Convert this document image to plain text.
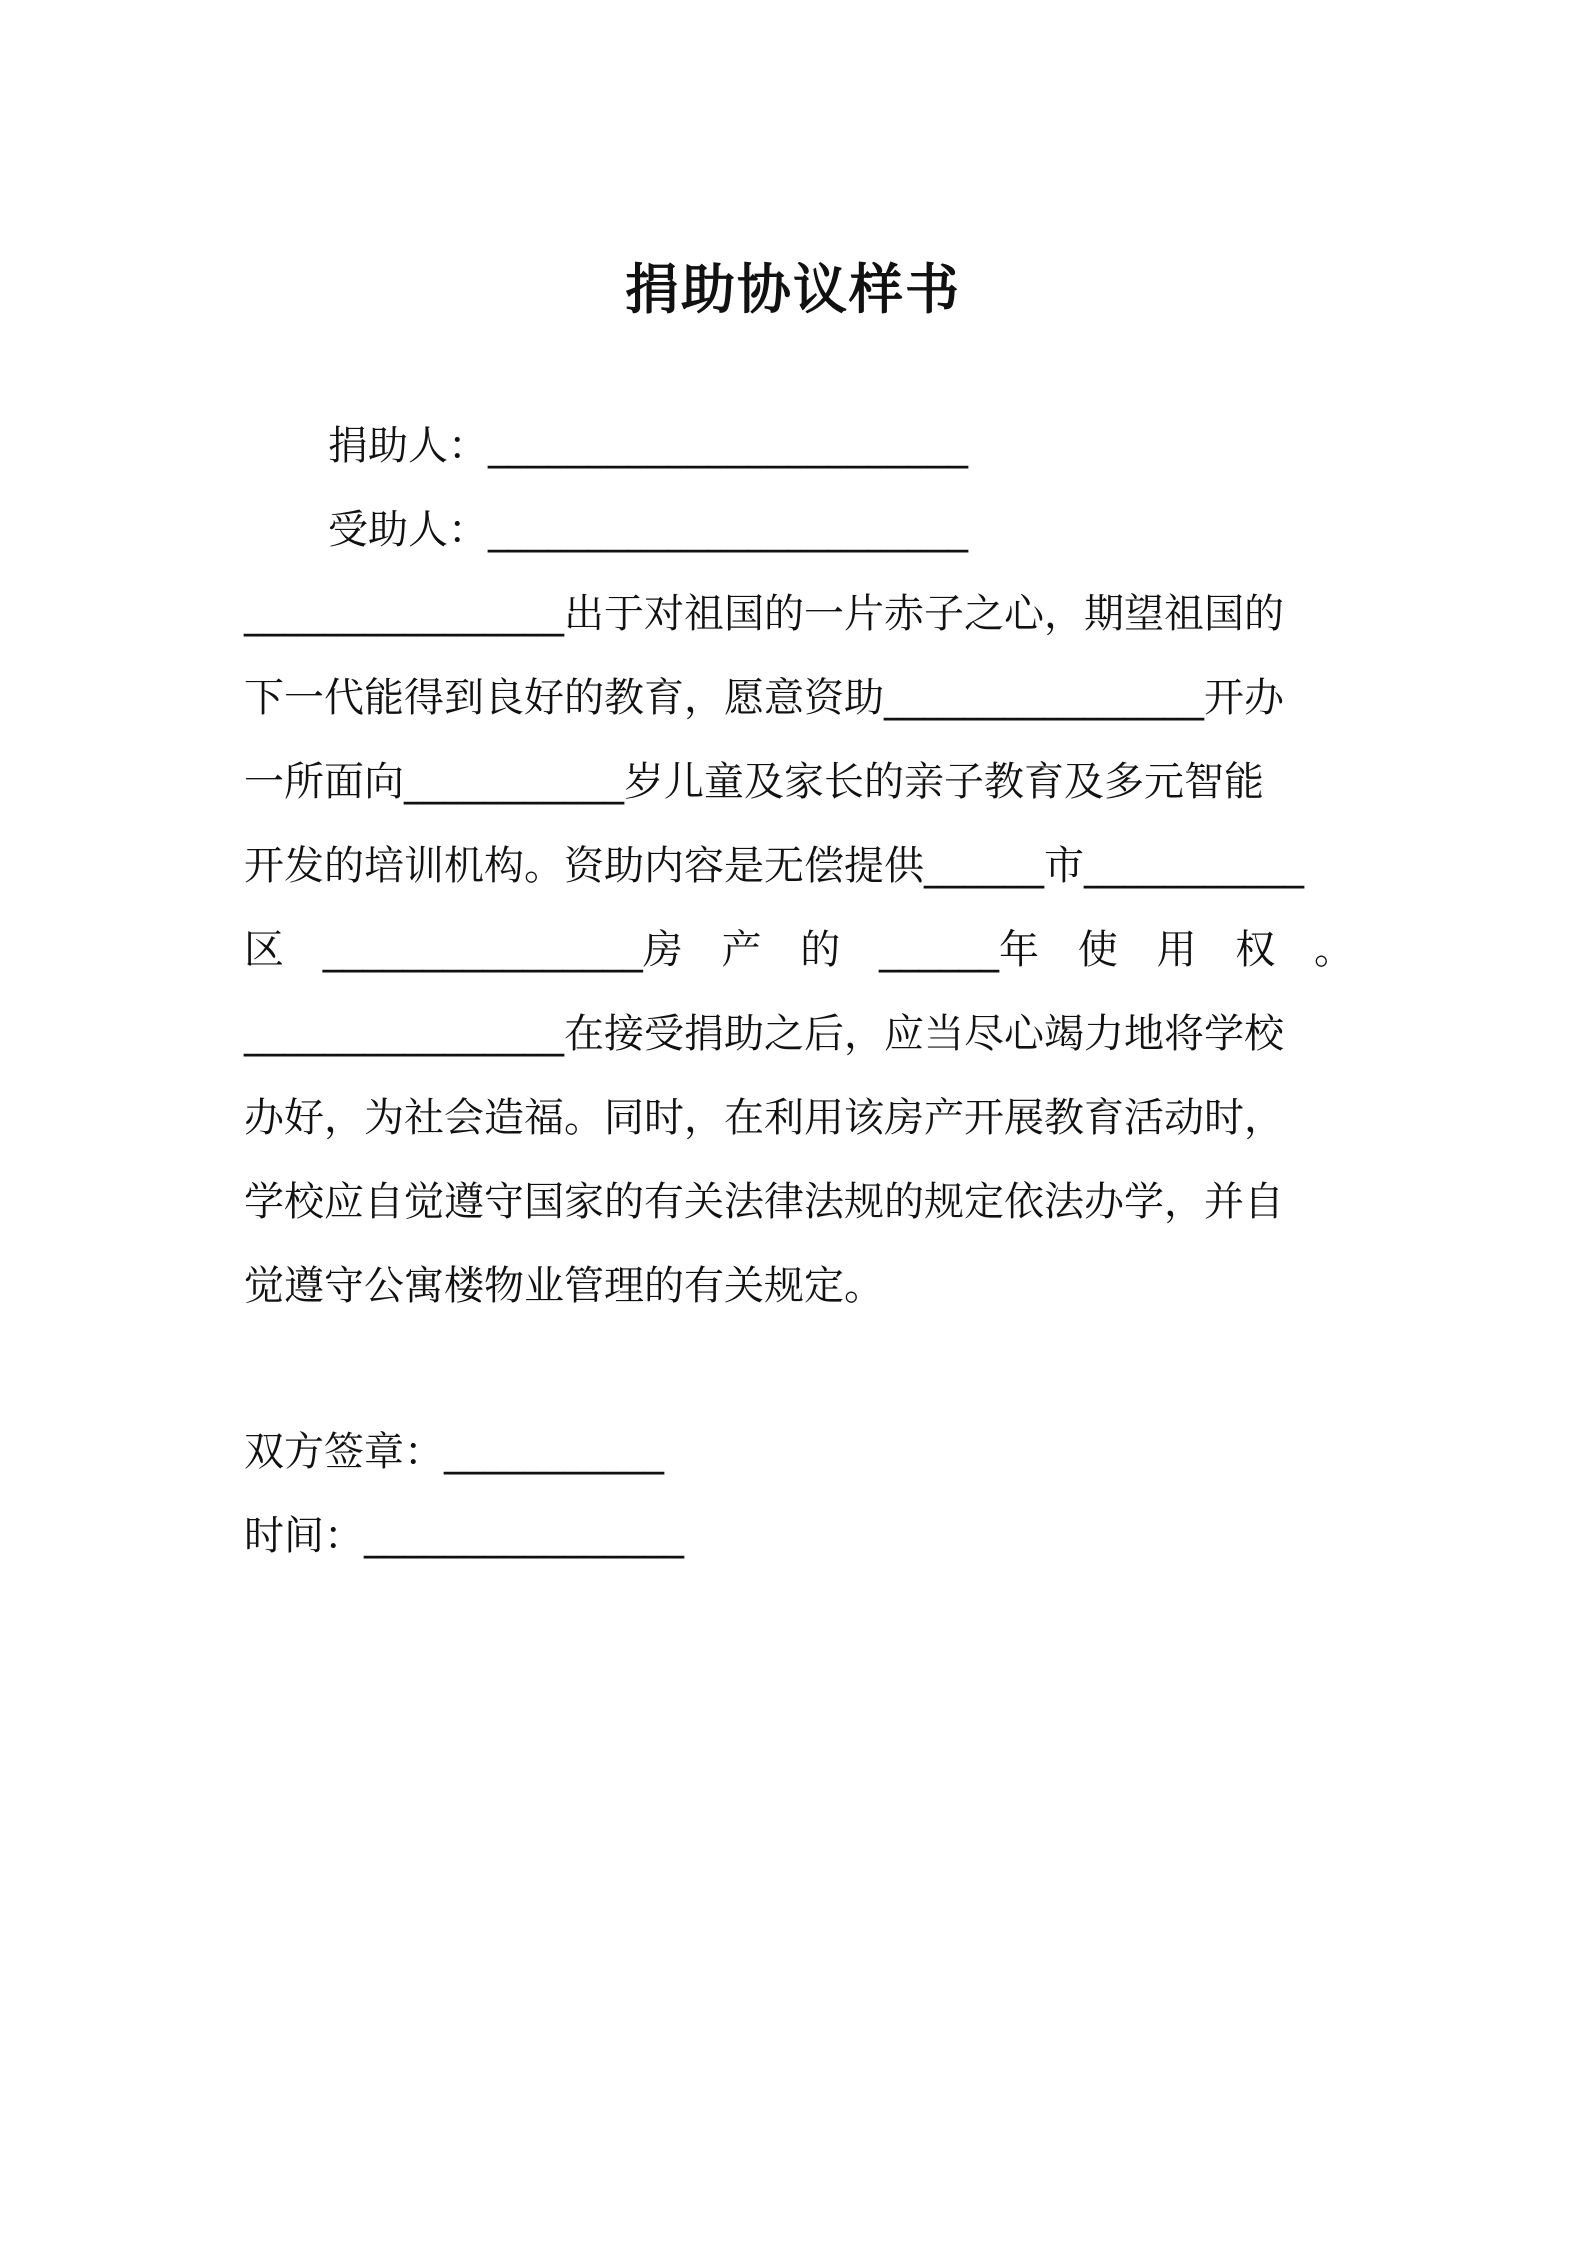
捐助协议样书
捐助人：________________________
受助人：________________________
________________出于对祖国的一片赤子之心，期望祖国的
下一代能得到良好的教育，愿意资助________________开办
一所面向___________岁儿童及家长的亲子教育及多元智能
开发的培训机构。资助内容是无偿提供______市___________
区 ________________房 产 的 ______年 使 用 权 。
________________在接受捐助之后，应当尽心竭力地将学校
办好，为社会造福。同时，在利用该房产开展教育活动时，
学校应自觉遵守国家的有关法律法规的规定依法办学，并自
觉遵守公寓楼物业管理的有关规定。
双方签章：___________
时间：________________
